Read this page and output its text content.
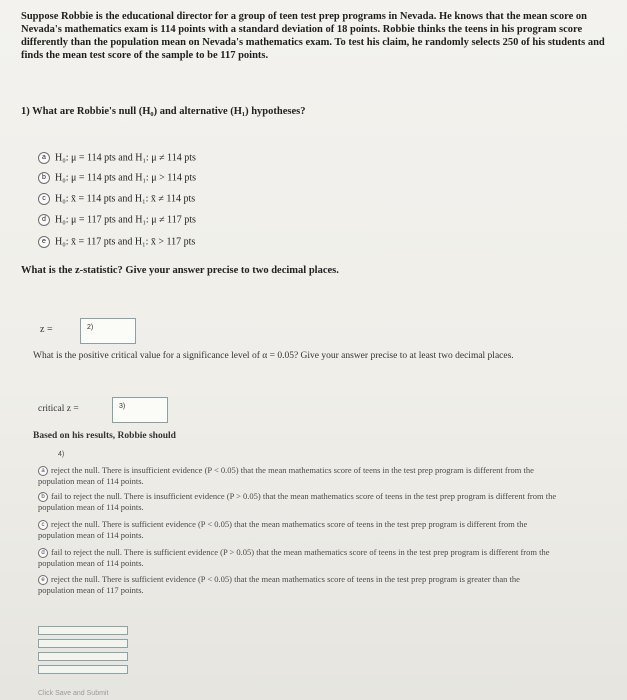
Suppose Robbie is the educational director for a group of teen test prep programs in Nevada. He knows that the mean score on Nevada's mathematics exam is 114 points with a standard deviation of 18 points. Robbie thinks the teens in his program score differently than the population mean on Nevada's mathematics exam. To test his claim, he randomly selects 250 of his students and finds the mean test score of the sample to be 117 points.
1) What are Robbie's null (H₀) and alternative (H₁) hypotheses?
a H₀: μ = 114 pts and H₁: μ ≠ 114 pts
b H₀: μ = 114 pts and H₁: μ > 114 pts
c H₀: x̄ = 114 pts and H₁: x̄ ≠ 114 pts
d H₀: μ = 117 pts and H₁: μ ≠ 117 pts
e H₀: x̄ = 117 pts and H₁: x̄ > 117 pts
What is the z-statistic? Give your answer precise to two decimal places.
z =	2)
What is the positive critical value for a significance level of α = 0.05? Give your answer precise to at least two decimal places.
critical z =	3)
Based on his results, Robbie should
4)
a reject the null. There is insufficient evidence (P < 0.05) that the mean mathematics score of teens in the test prep program is different from the population mean of 114 points.
b fail to reject the null. There is insufficient evidence (P > 0.05) that the mean mathematics score of teens in the test prep program is different from the population mean of 114 points.
c reject the null. There is sufficient evidence (P < 0.05) that the mean mathematics score of teens in the test prep program is different from the population mean of 114 points.
d fail to reject the null. There is sufficient evidence (P > 0.05) that the mean mathematics score of teens in the test prep program is different from the population mean of 114 points.
e reject the null. There is sufficient evidence (P < 0.05) that the mean mathematics score of teens in the test prep program is greater than the population mean of 117 points.
Click Save and Submit
